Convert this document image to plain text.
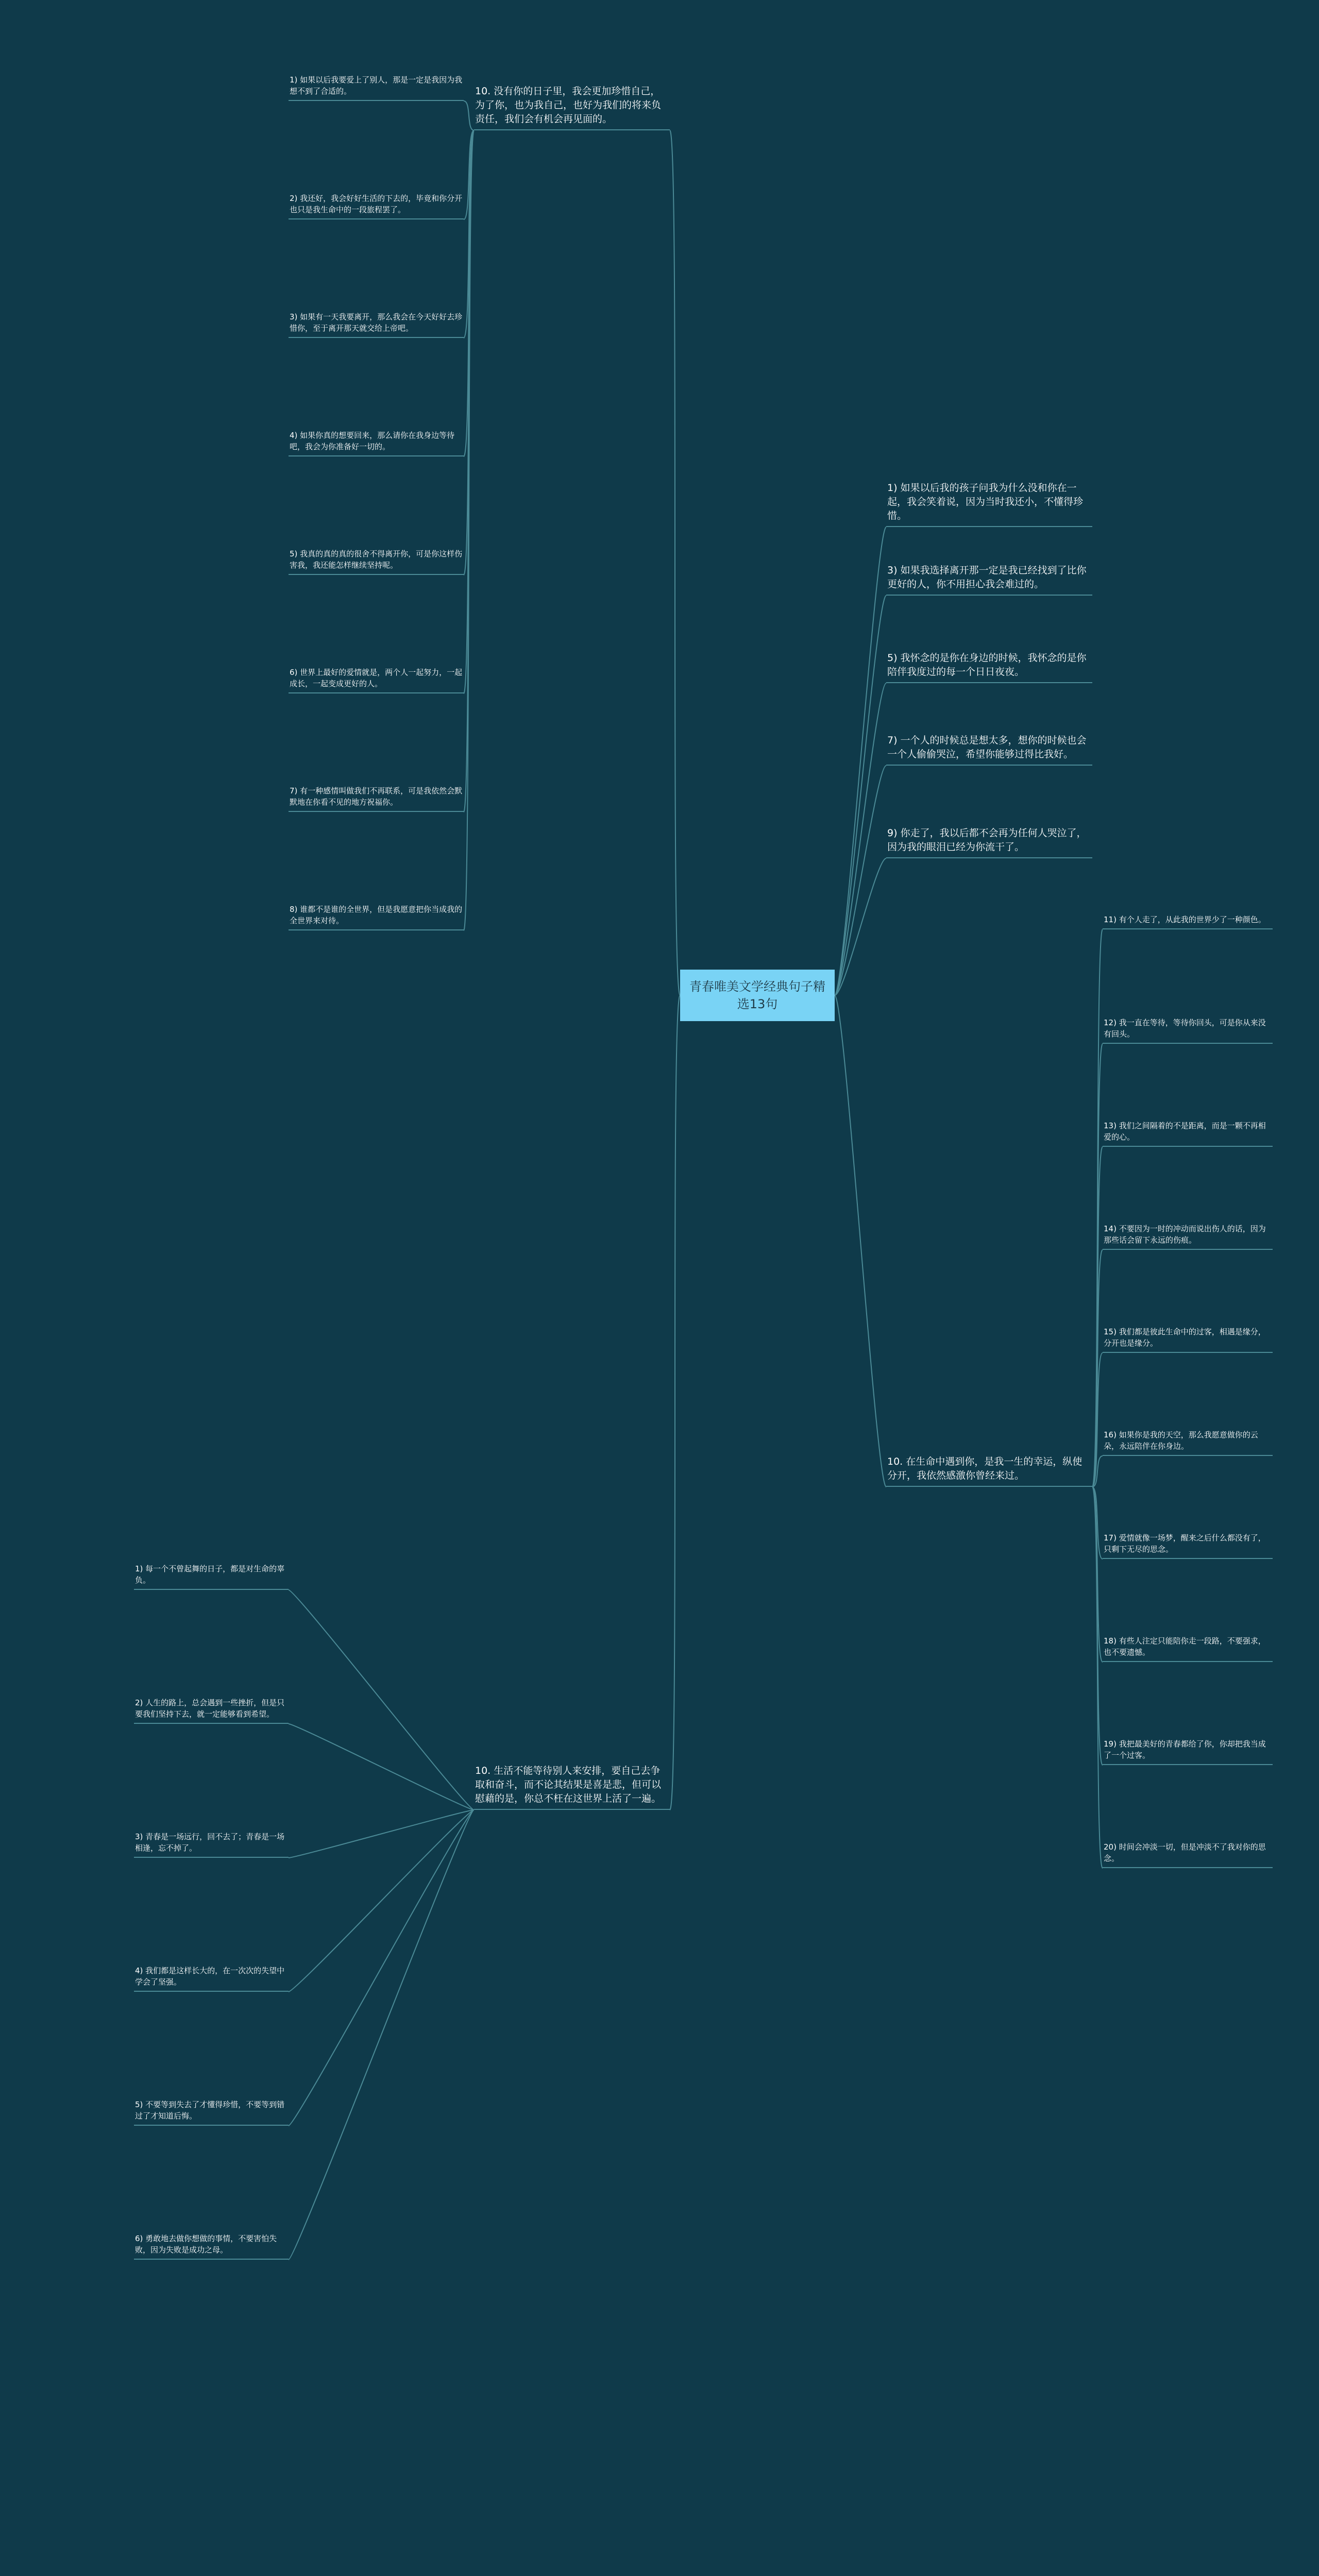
青春唯美文学经典句子精选13句
10. 没有你的日子里，我会更加珍惜自己，为了你，也为我自己，也好为我们的将来负责任，我们会有机会再见面的。
1) 如果以后我要爱上了别人，那是一定是我因为我想不到了合适的。
2) 我还好，我会好好生活的下去的，毕竟和你分开也只是我生命中的一段旅程罢了。
3) 如果有一天我要离开，那么我会在今天好好去珍惜你，至于离开那天就交给上帝吧。
4) 如果你真的想要回来，那么请你在我身边等待吧，我会为你准备好一切的。
5) 我真的真的真的很舍不得离开你，可是你这样伤害我，我还能怎样继续坚持呢。
6) 世界上最好的爱情就是，两个人一起努力，一起成长，一起变成更好的人。
7) 有一种感情叫做我们不再联系，可是我依然会默默地在你看不见的地方祝福你。
8) 谁都不是谁的全世界，但是我愿意把你当成我的全世界来对待。
1) 如果以后我的孩子问我为什么没和你在一起，我会笑着说，因为当时我还小，不懂得珍惜。
3) 如果我选择离开那一定是我已经找到了比你更好的人，你不用担心我会难过的。
5) 我怀念的是你在身边的时候，我怀念的是你陪伴我度过的每一个日日夜夜。
7) 一个人的时候总是想太多，想你的时候也会一个人偷偷哭泣，希望你能够过得比我好。
9) 你走了，我以后都不会再为任何人哭泣了，因为我的眼泪已经为你流干了。
10. 在生命中遇到你，是我一生的幸运，纵使分开，我依然感激你曾经来过。
11) 有个人走了，从此我的世界少了一种颜色。
12) 我一直在等待，等待你回头，可是你从来没有回头。
13) 我们之间隔着的不是距离，而是一颗不再相爱的心。
14) 不要因为一时的冲动而说出伤人的话，因为那些话会留下永远的伤痕。
15) 我们都是彼此生命中的过客，相遇是缘分，分开也是缘分。
16) 如果你是我的天空，那么我愿意做你的云朵，永远陪伴在你身边。
17) 爱情就像一场梦，醒来之后什么都没有了，只剩下无尽的思念。
18) 有些人注定只能陪你走一段路，不要强求，也不要遗憾。
19) 我把最美好的青春都给了你，你却把我当成了一个过客。
20) 时间会冲淡一切，但是冲淡不了我对你的思念。
10. 生活不能等待别人来安排，要自己去争取和奋斗，而不论其结果是喜是悲，但可以慰藉的是，你总不枉在这世界上活了一遍。
1) 每一个不曾起舞的日子，都是对生命的辜负。
2) 人生的路上，总会遇到一些挫折，但是只要我们坚持下去，就一定能够看到希望。
3) 青春是一场远行，回不去了；青春是一场相逢，忘不掉了。
4) 我们都是这样长大的，在一次次的失望中学会了坚强。
5) 不要等到失去了才懂得珍惜，不要等到错过了才知道后悔。
6) 勇敢地去做你想做的事情，不要害怕失败，因为失败是成功之母。
